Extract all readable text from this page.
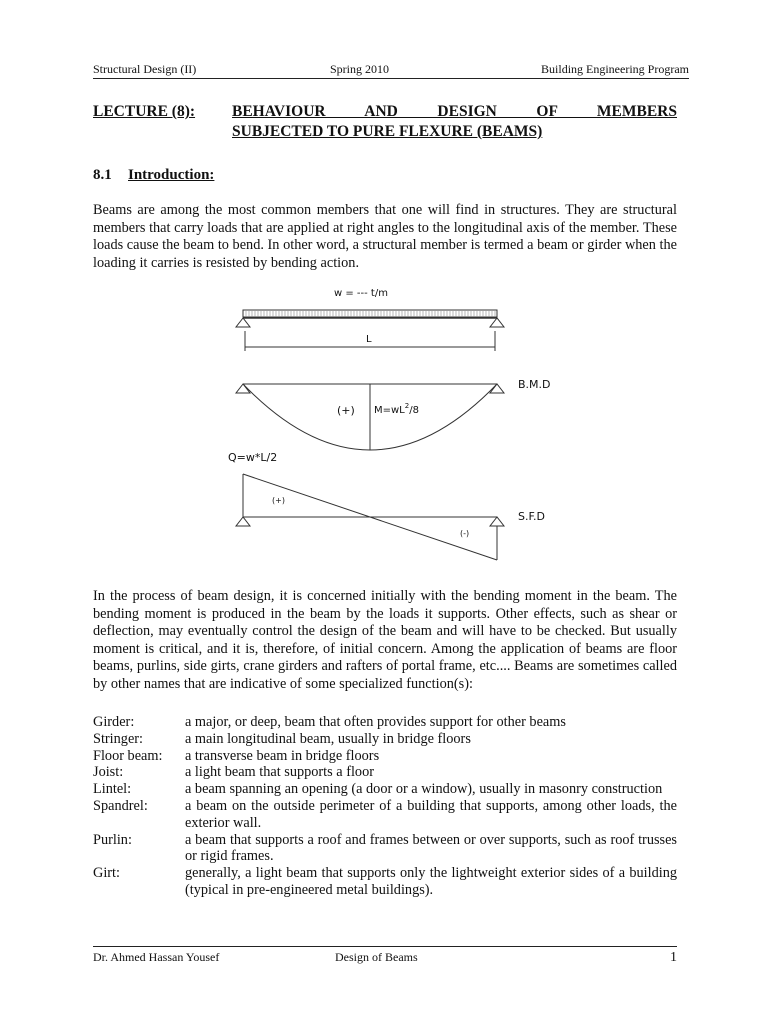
Structural Design (II)	Spring 2010	Building Engineering Program
LECTURE (8): BEHAVIOUR AND DESIGN OF MEMBERS
SUBJECTED TO PURE FLEXURE (BEAMS)
8.1 Introduction:

Beams are among the most common members that one will find in structures. They are structural members that carry loads that are applied at right angles to the longitudinal axis of the member. These loads cause the beam to bend. In other word, a structural member is termed a beam or girder when the loading it carries is resisted by bending action.

w = --- t/m
L
B.M.D
(+) $M=wL^2/8$
Q=w*L/2
S.F.D
(+)
(-)

In the process of beam design, it is concerned initially with the bending moment in the beam. The bending moment is produced in the beam by the loads it supports. Other effects, such as shear or deflection, may eventually control the design of the beam and will have to be checked. But usually moment is critical, and it is, therefore, of initial concern. Among the application of beams are floor beams, purlins, side girts, crane girders and rafters of portal frame, etc.... Beams are sometimes called by other names that are indicative of some specialized function(s):

Girder:	a major, or deep, beam that often provides support for other beams
Stringer:	a main longitudinal beam, usually in bridge floors
Floor beam: a transverse beam in bridge floors
Joist:	a light beam that supports a floor
Lintel:	a beam spanning an opening (a door or a window), usually in masonry construction
Spandrel:	a beam on the outside perimeter of a building that supports, among other loads, the exterior wall.
Purlin:	a beam that supports a roof and frames between or over supports, such as roof trusses or rigid frames.
Girt:	generally, a light beam that supports only the lightweight exterior sides of a building (typical in pre-engineered metal buildings).
Dr. Ahmed Hassan Yousef	Design of Beams	1
